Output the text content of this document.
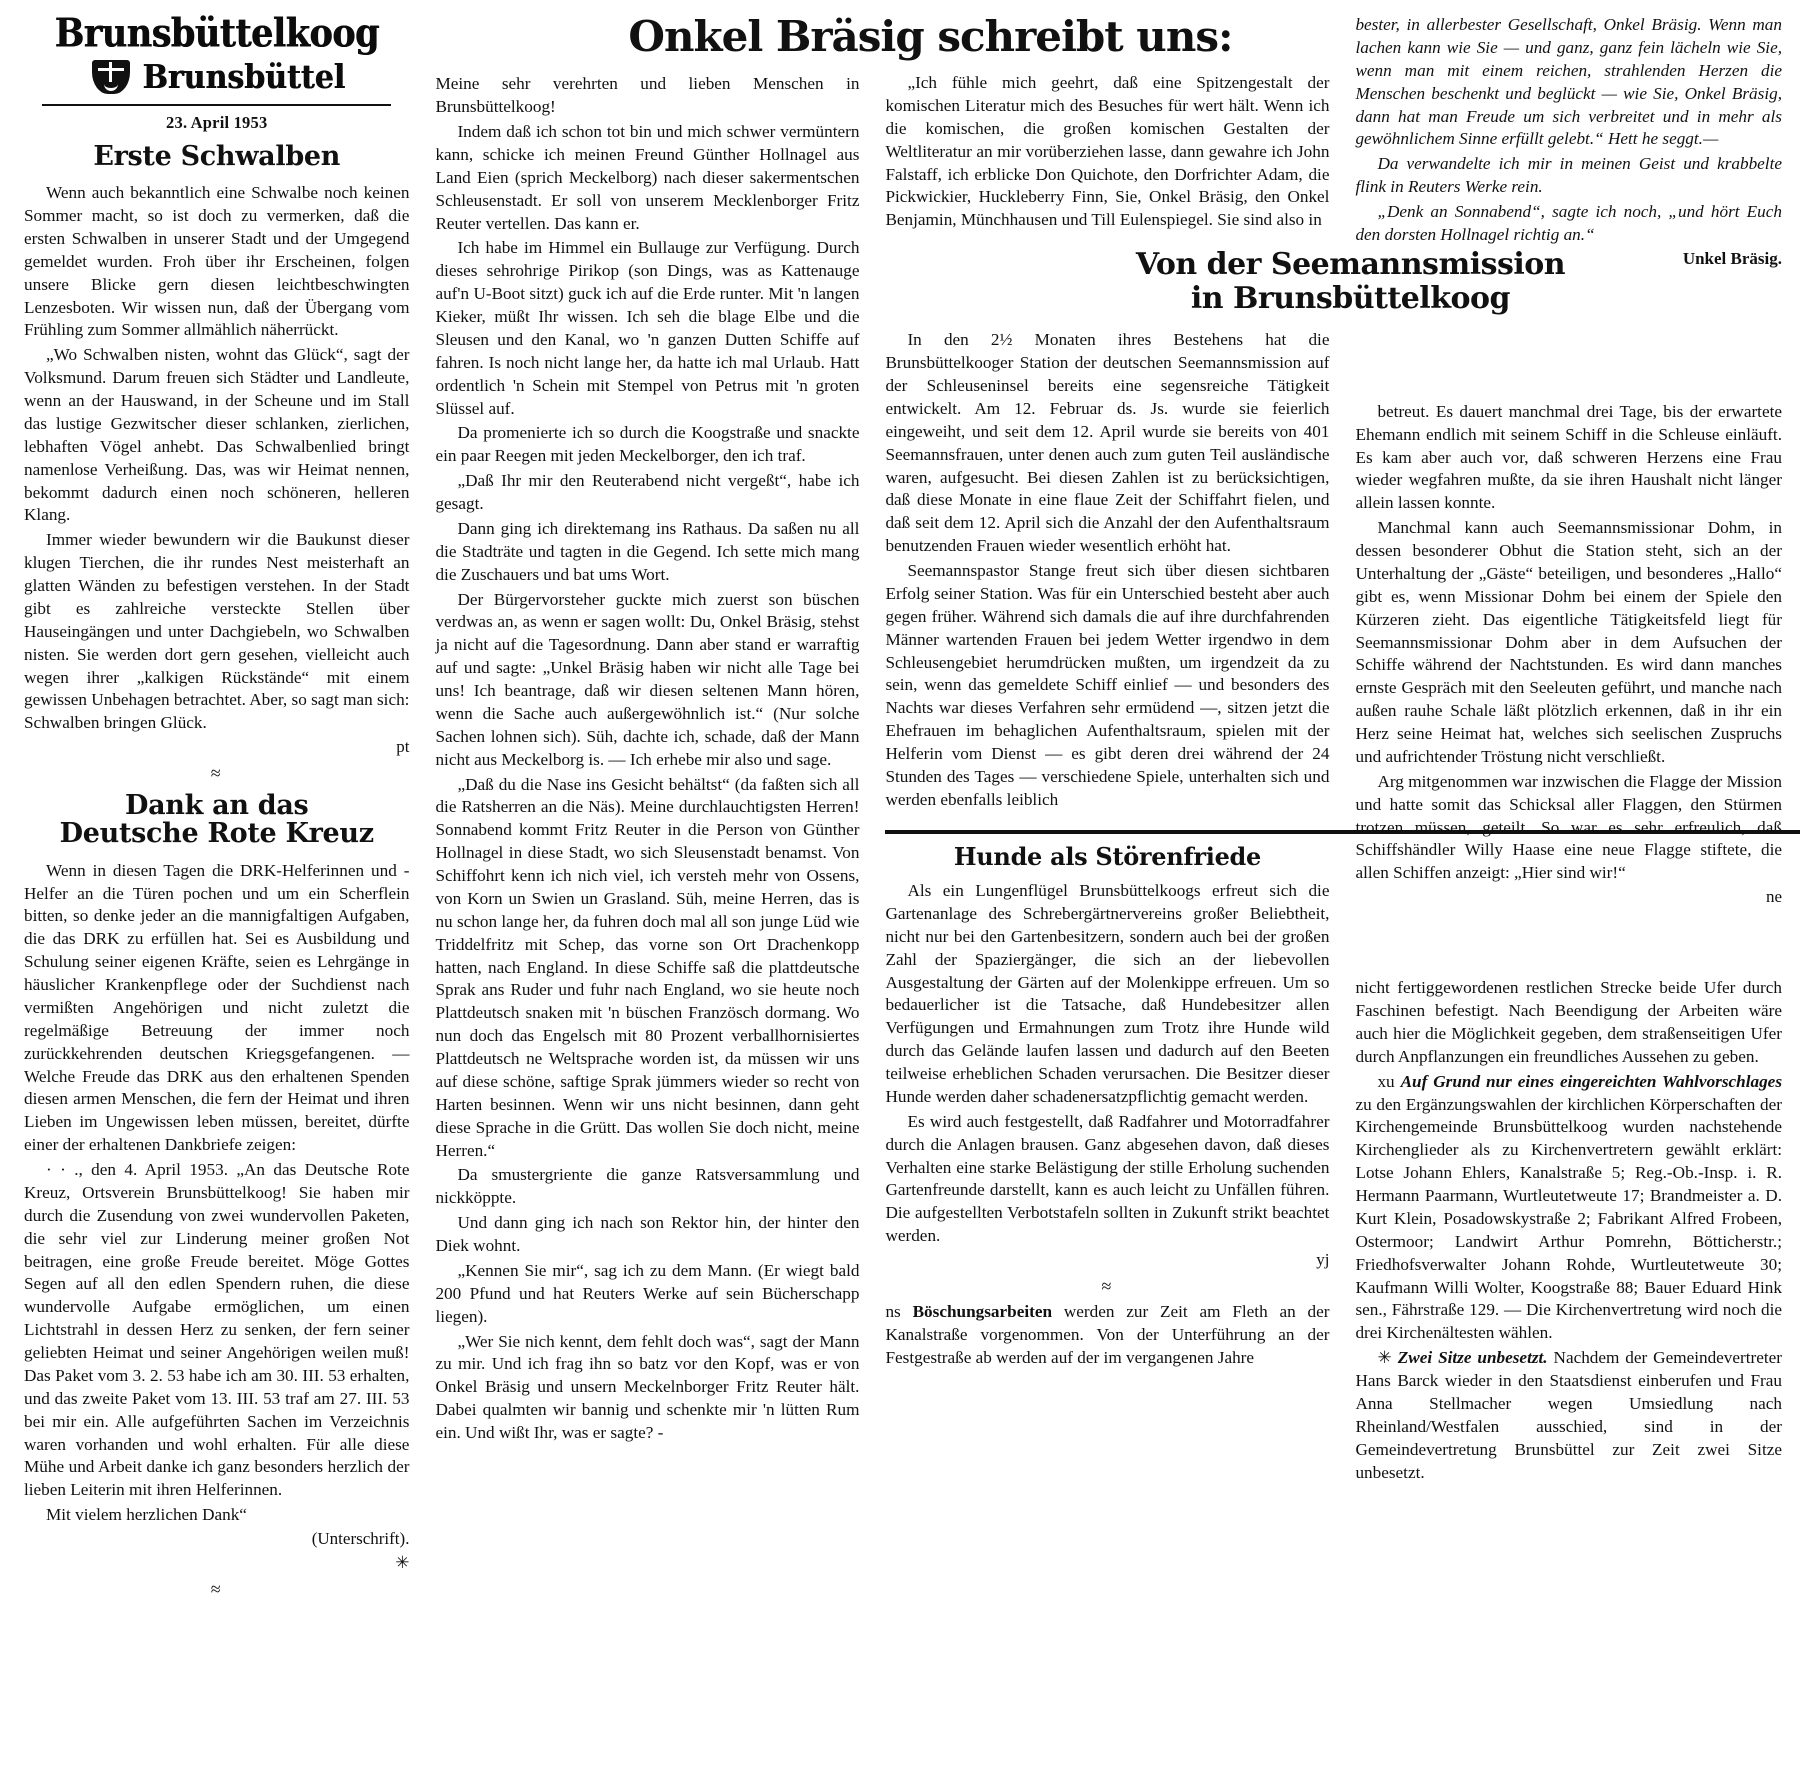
Brunsbüttelkoog
Brunsbüttel
23. April 1953
Erste Schwalben

Wenn auch bekanntlich eine Schwalbe noch keinen Sommer macht, so ist doch zu vermerken, daß die ersten Schwalben in unserer Stadt und der Umgegend gemeldet wurden. Froh über ihr Erscheinen, folgen unsere Blicke gern diesen leichtbeschwingten Lenzesboten. Wir wissen nun, daß der Übergang vom Frühling zum Sommer allmählich näherrückt.

„Wo Schwalben nisten, wohnt das Glück“, sagt der Volksmund. Darum freuen sich Städter und Landleute, wenn an der Hauswand, in der Scheune und im Stall das lustige Gezwitscher dieser schlanken, zierlichen, lebhaften Vögel anhebt. Das Schwalbenlied bringt namenlose Verheißung. Das, was wir Heimat nennen, bekommt dadurch einen noch schöneren, helleren Klang.

Immer wieder bewundern wir die Baukunst dieser klugen Tierchen, die ihr rundes Nest meisterhaft an glatten Wänden zu befestigen verstehen. In der Stadt gibt es zahlreiche versteckte Stellen über Hauseingängen und unter Dachgiebeln, wo Schwalben nisten. Sie werden dort gern gesehen, vielleicht auch wegen ihrer „kalkigen Rückstände“ mit einem gewissen Unbehagen betrachtet. Aber, so sagt man sich: Schwalben bringen Glück.

pt
≈
Dank an das
Deutsche Rote Kreuz

Wenn in diesen Tagen die DRK-Helferinnen und -Helfer an die Türen pochen und um ein Scherflein bitten, so denke jeder an die mannigfaltigen Aufgaben, die das DRK zu erfüllen hat. Sei es Ausbildung und Schulung seiner eigenen Kräfte, seien es Lehrgänge in häuslicher Krankenpflege oder der Suchdienst nach vermißten Angehörigen und nicht zuletzt die regelmäßige Betreuung der immer noch zurückkehrenden deutschen Kriegsgefangenen. — Welche Freude das DRK aus den erhaltenen Spenden diesen armen Menschen, die fern der Heimat und ihren Lieben im Ungewissen leben müssen, bereitet, dürfte einer der erhaltenen Dankbriefe zeigen:

· · ., den 4. April 1953. „An das Deutsche Rote Kreuz, Ortsverein Brunsbüttelkoog! Sie haben mir durch die Zusendung von zwei wundervollen Paketen, die sehr viel zur Linderung meiner großen Not beitragen, eine große Freude bereitet. Möge Gottes Segen auf all den edlen Spendern ruhen, die diese wundervolle Aufgabe ermöglichen, um einen Lichtstrahl in dessen Herz zu senken, der fern seiner geliebten Heimat und seiner Angehörigen weilen muß! Das Paket vom 3. 2. 53 habe ich am 30. III. 53 erhalten, und das zweite Paket vom 13. III. 53 traf am 27. III. 53 bei mir ein. Alle aufgeführten Sachen im Verzeichnis waren vorhanden und wohl erhalten. Für alle diese Mühe und Arbeit danke ich ganz besonders herzlich der lieben Leiterin mit ihren Helferinnen.

Mit vielem herzlichen Dank“

(Unterschrift).
✳
≈
Onkel Bräsig schreibt uns:

Meine sehr verehrten und lieben Menschen in Brunsbüttelkoog!

Indem daß ich schon tot bin und mich schwer vermüntern kann, schicke ich meinen Freund Günther Hollnagel aus Land Eien (sprich Meckelborg) nach dieser sakermentschen Schleusenstadt. Er soll von unserem Mecklenborger Fritz Reuter vertellen. Das kann er.

Ich habe im Himmel ein Bullauge zur Verfügung. Durch dieses sehrohrige Pirikop (son Dings, was as Kattenauge auf'n U-Boot sitzt) guck ich auf die Erde runter. Mit 'n langen Kieker, müßt Ihr wissen. Ich seh die blage Elbe und die Sleusen und den Kanal, wo 'n ganzen Dutten Schiffe auf fahren. Is noch nicht lange her, da hatte ich mal Urlaub. Hatt ordentlich 'n Schein mit Stempel von Petrus mit 'n groten Slüssel auf.

Da promenierte ich so durch die Koogstraße und snackte ein paar Reegen mit jeden Meckelborger, den ich traf.

„Daß Ihr mir den Reuterabend nicht vergeßt“, habe ich gesagt.

Dann ging ich direktemang ins Rathaus. Da saßen nu all die Stadträte und tagten in die Gegend. Ich sette mich mang die Zuschauers und bat ums Wort.

Der Bürgervorsteher guckte mich zuerst son büschen verdwas an, as wenn er sagen wollt: Du, Onkel Bräsig, stehst ja nicht auf die Tagesordnung. Dann aber stand er warraftig auf und sagte: „Unkel Bräsig haben wir nicht alle Tage bei uns! Ich beantrage, daß wir diesen seltenen Mann hören, wenn die Sache auch außergewöhnlich ist.“ (Nur solche Sachen lohnen sich). Süh, dachte ich, schade, daß der Mann nicht aus Meckelborg is. — Ich erhebe mir also und sage.

„Daß du die Nase ins Gesicht behältst“ (da faßten sich all die Ratsherren an die Näs). Meine durchlauchtigsten Herren! Sonnabend kommt Fritz Reuter in die Person von Günther Hollnagel in diese Stadt, wo sich Sleusenstadt benamst. Von Schiffohrt kenn ich nich viel, ich versteh mehr von Ossens, von Korn un Swien un Grasland. Süh, meine Herren, das is nu schon lange her, da fuhren doch mal all son junge Lüd wie Triddelfritz mit Schep, das vorne son Ort Drachenkopp hatten, nach England. In diese Schiffe saß die plattdeutsche Sprak ans Ruder und fuhr nach England, wo sie heute noch Plattdeutsch snaken mit 'n büschen Französch dormang. Wo nun doch das Engelsch mit 80 Prozent verballhornisiertes Plattdeutsch ne Weltsprache worden ist, da müssen wir uns auf diese schöne, saftige Sprak jümmers wieder so recht von Harten besinnen. Wenn wir uns nicht besinnen, dann geht diese Sprache in die Grütt. Das wollen Sie doch nicht, meine Herren.“

Da smustergriente die ganze Ratsversammlung und nickköppte.

Und dann ging ich nach son Rektor hin, der hinter den Diek wohnt.

„Kennen Sie mir“, sag ich zu dem Mann. (Er wiegt bald 200 Pfund und hat Reuters Werke auf sein Bücherschapp liegen).

„Wer Sie nich kennt, dem fehlt doch was“, sagt der Mann zu mir. Und ich frag ihn so batz vor den Kopf, was er von Onkel Bräsig und unsern Meckelnborger Fritz Reuter hält. Dabei qualmten wir bannig und schenkte mir 'n lütten Rum ein. Und wißt Ihr, was er sagte? -

„Ich fühle mich geehrt, daß eine Spitzengestalt der komischen Literatur mich des Besuches für wert hält. Wenn ich die komischen, die großen komischen Gestalten der Weltliteratur an mir vorüberziehen lasse, dann gewahre ich John Falstaff, ich erblicke Don Quichote, den Dorfrichter Adam, die Pickwickier, Huckleberry Finn, Sie, Onkel Bräsig, den Onkel Benjamin, Münchhausen und Till Eulenspiegel. Sie sind also in

Von der Seemannsmission
in Brunsbüttelkoog

In den 2½ Monaten ihres Bestehens hat die Brunsbüttelkooger Station der deutschen Seemannsmission auf der Schleuseninsel bereits eine segensreiche Tätigkeit entwickelt. Am 12. Februar ds. Js. wurde sie feierlich eingeweiht, und seit dem 12. April wurde sie bereits von 401 Seemannsfrauen, unter denen auch zum guten Teil ausländische waren, aufgesucht. Bei diesen Zahlen ist zu berücksichtigen, daß diese Monate in eine flaue Zeit der Schiffahrt fielen, und daß seit dem 12. April sich die Anzahl der den Aufenthaltsraum benutzenden Frauen wieder wesentlich erhöht hat.

Seemannspastor Stange freut sich über diesen sichtbaren Erfolg seiner Station. Was für ein Unterschied besteht aber auch gegen früher. Während sich damals die auf ihre durchfahrenden Männer wartenden Frauen bei jedem Wetter irgendwo in dem Schleusengebiet herumdrücken mußten, um irgendzeit da zu sein, wenn das gemeldete Schiff einlief — und besonders des Nachts war dieses Verfahren sehr ermüdend —, sitzen jetzt die Ehefrauen im behaglichen Aufenthaltsraum, spielen mit der Helferin vom Dienst — es gibt deren drei während der 24 Stunden des Tages — verschiedene Spiele, unterhalten sich und werden ebenfalls leiblich

Hunde als Störenfriede

Als ein Lungenflügel Brunsbüttelkoogs erfreut sich die Gartenanlage des Schrebergärtnervereins großer Beliebtheit, nicht nur bei den Gartenbesitzern, sondern auch bei der großen Zahl der Spaziergänger, die sich an der liebevollen Ausgestaltung der Gärten auf der Molenkippe erfreuen. Um so bedauerlicher ist die Tatsache, daß Hundebesitzer allen Verfügungen und Ermahnungen zum Trotz ihre Hunde wild durch das Gelände laufen lassen und dadurch auf den Beeten teilweise erheblichen Schaden verursachen. Die Besitzer dieser Hunde werden daher schadenersatzpflichtig gemacht werden.

Es wird auch festgestellt, daß Radfahrer und Motorradfahrer durch die Anlagen brausen. Ganz abgesehen davon, daß dieses Verhalten eine starke Belästigung der stille Erholung suchenden Gartenfreunde darstellt, kann es auch leicht zu Unfällen führen. Die aufgestellten Verbotstafeln sollten in Zukunft strikt beachtet werden.

yj
≈

ns Böschungsarbeiten werden zur Zeit am Fleth an der Kanalstraße vorgenommen. Von der Unterführung an der Festgestraße ab werden auf der im vergangenen Jahre

bester, in allerbester Gesellschaft, Onkel Bräsig. Wenn man lachen kann wie Sie — und ganz, ganz fein lächeln wie Sie, wenn man mit einem reichen, strahlenden Herzen die Menschen beschenkt und beglückt — wie Sie, Onkel Bräsig, dann hat man Freude um sich verbreitet und in mehr als gewöhnlichem Sinne erfüllt gelebt.“ Hett he seggt.—

Da verwandelte ich mir in meinen Geist und krabbelte flink in Reuters Werke rein.

„Denk an Sonnabend“, sagte ich noch, „und hört Euch den dorsten Hollnagel richtig an.“

Unkel Bräsig.

betreut. Es dauert manchmal drei Tage, bis der erwartete Ehemann endlich mit seinem Schiff in die Schleuse einläuft. Es kam aber auch vor, daß schweren Herzens eine Frau wieder wegfahren mußte, da sie ihren Haushalt nicht länger allein lassen konnte.

Manchmal kann auch Seemannsmissionar Dohm, in dessen besonderer Obhut die Station steht, sich an der Unterhaltung der „Gäste“ beteiligen, und besonderes „Hallo“ gibt es, wenn Missionar Dohm bei einem der Spiele den Kürzeren zieht. Das eigentliche Tätigkeitsfeld liegt für Seemannsmissionar Dohm aber in dem Aufsuchen der Schiffe während der Nachtstunden. Es wird dann manches ernste Gespräch mit den Seeleuten geführt, und manche nach außen rauhe Schale läßt plötzlich erkennen, daß in ihr ein Herz seine Heimat hat, welches sich seelischen Zuspruchs und aufrichtender Tröstung nicht verschließt.

Arg mitgenommen war inzwischen die Flagge der Mission und hatte somit das Schicksal aller Flaggen, den Stürmen trotzen müssen, geteilt. So war es sehr erfreulich, daß Schiffshändler Willy Haase eine neue Flagge stiftete, die allen Schiffen anzeigt: „Hier sind wir!“

ne

nicht fertiggewordenen restlichen Strecke beide Ufer durch Faschinen befestigt. Nach Beendigung der Arbeiten wäre auch hier die Möglichkeit gegeben, dem straßenseitigen Ufer durch Anpflanzungen ein freundliches Aussehen zu geben.

xu Auf Grund nur eines eingereichten Wahlvorschlages zu den Ergänzungswahlen der kirchlichen Körperschaften der Kirchengemeinde Brunsbüttelkoog wurden nachstehende Kirchenglieder als zu Kirchenvertretern gewählt erklärt: Lotse Johann Ehlers, Kanalstraße 5; Reg.-Ob.-Insp. i. R. Hermann Paarmann, Wurtleutetweute 17; Brandmeister a. D. Kurt Klein, Posadowskystraße 2; Fabrikant Alfred Frobeen, Ostermoor; Landwirt Arthur Pomrehn, Bötticherstr.; Friedhofsverwalter Johann Rohde, Wurtleutetweute 30; Kaufmann Willi Wolter, Koogstraße 88; Bauer Eduard Hink sen., Fährstraße 129. — Die Kirchenvertretung wird noch die drei Kirchenältesten wählen.

✳ Zwei Sitze unbesetzt. Nachdem der Gemeindevertreter Hans Barck wieder in den Staatsdienst einberufen und Frau Anna Stellmacher wegen Umsiedlung nach Rheinland/Westfalen ausschied, sind in der Gemeindevertretung Brunsbüttel zur Zeit zwei Sitze unbesetzt.
